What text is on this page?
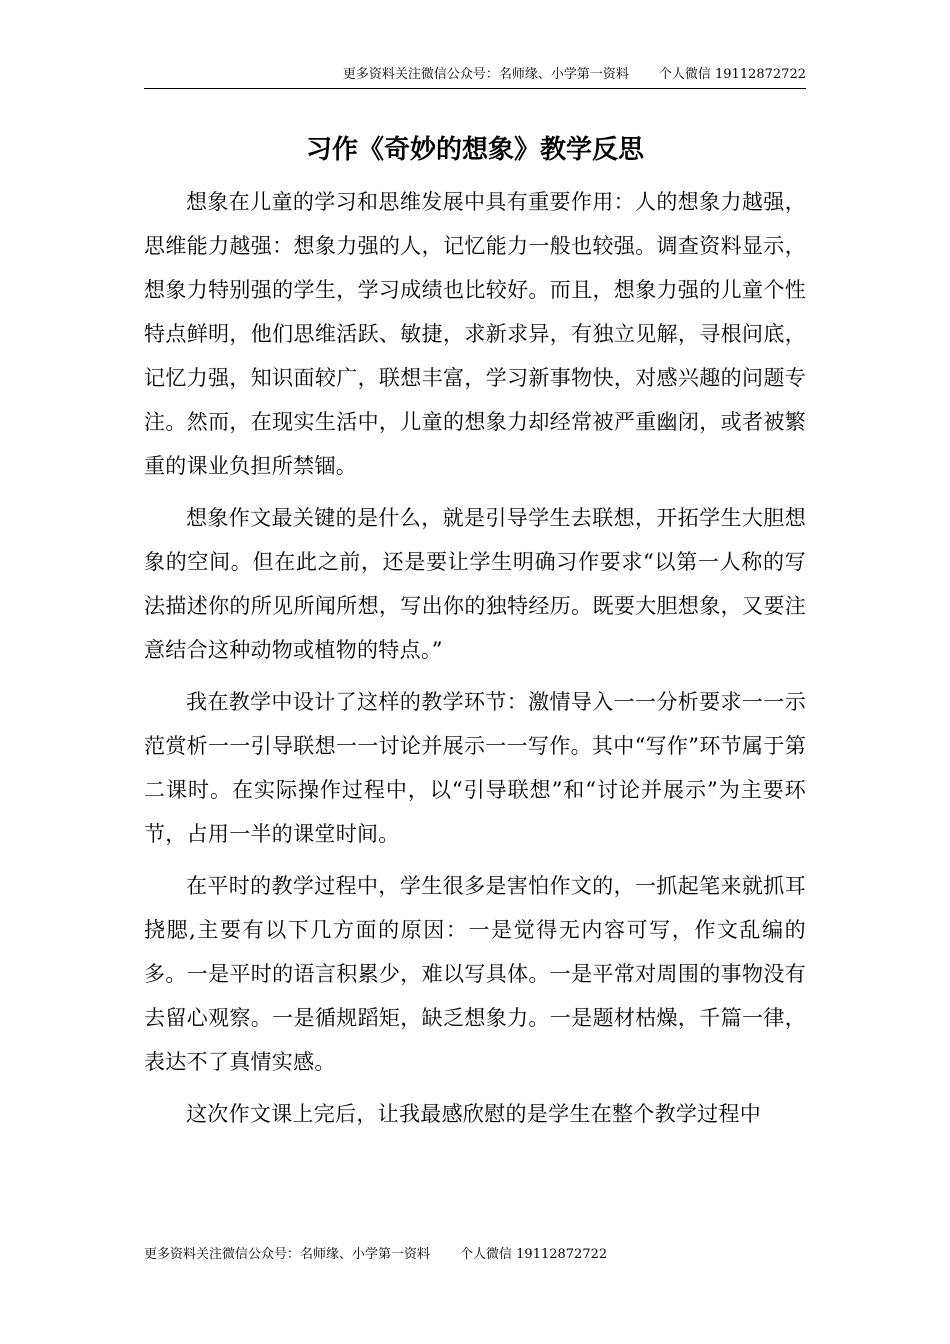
更多资料关注微信公众号：名师缘、小学第一资料 个人微信 19112872722
习作《奇妙的想象》教学反思

想象在儿童的学习和思维发展中具有重要作用：人的想象力越强，思维能力越强：想象力强的人，记忆能力一般也较强。调查资料显示，想象力特别强的学生，学习成绩也比较好。而且，想象力强的儿童个性特点鲜明，他们思维活跃、敏捷，求新求异，有独立见解，寻根问底，记忆力强，知识面较广，联想丰富，学习新事物快，对感兴趣的问题专注。然而，在现实生活中，儿童的想象力却经常被严重幽闭，或者被繁重的课业负担所禁锢。

想象作文最关键的是什么，就是引导学生去联想，开拓学生大胆想象的空间。但在此之前，还是要让学生明确习作要求“以第一人称的写法描述你的所见所闻所想，写出你的独特经历。既要大胆想象，又要注意结合这种动物或植物的特点。”

我在教学中设计了这样的教学环节：激情导入一一分析要求一一示范赏析一一引导联想一一讨论并展示一一写作。其中“写作”环节属于第二课时。在实际操作过程中，以“引导联想”和“讨论并展示”为主要环节，占用一半的课堂时间。

在平时的教学过程中，学生很多是害怕作文的，一抓起笔来就抓耳挠腮,主要有以下几方面的原因：一是觉得无内容可写，作文乱编的多。一是平时的语言积累少，难以写具体。一是平常对周围的事物没有去留心观察。一是循规蹈矩，缺乏想象力。一是题材枯燥，千篇一律，表达不了真情实感。

这次作文课上完后，让我最感欣慰的是学生在整个教学过程中

更多资料关注微信公众号：名师缘、小学第一资料 个人微信 19112872722
